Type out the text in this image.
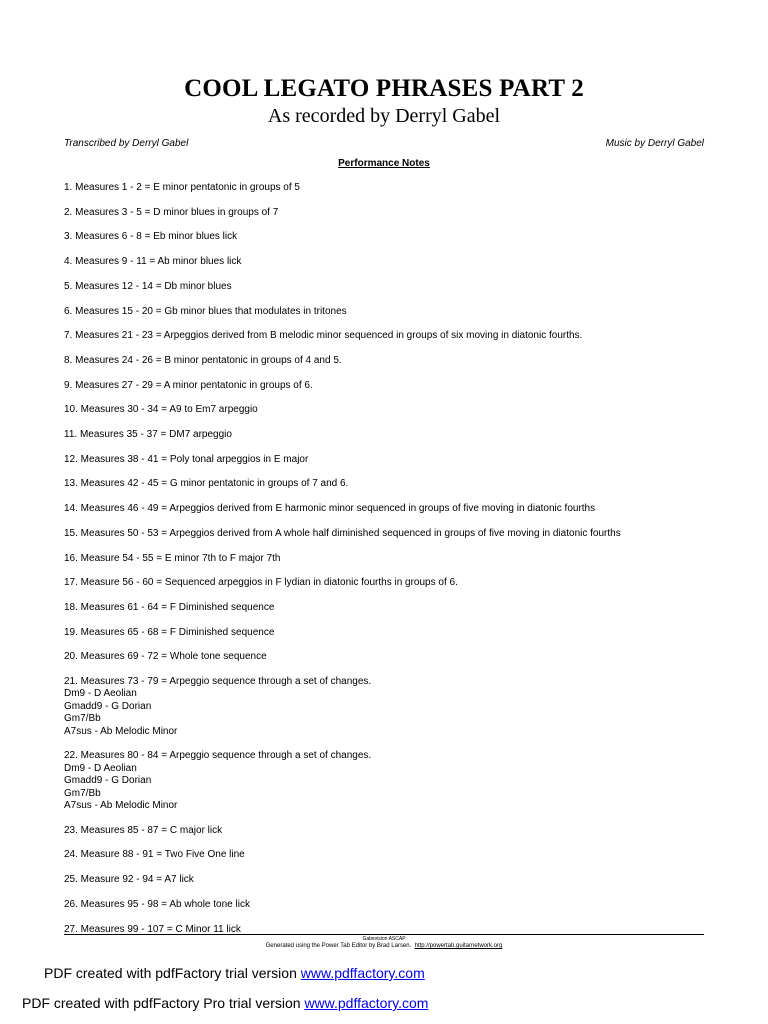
COOL LEGATO PHRASES PART 2
As recorded by Derryl Gabel
Transcribed by Derryl Gabel	Music by Derryl Gabel
Performance Notes
1. Measures 1 - 2 = E minor pentatonic in groups of 5
2. Measures 3 - 5 = D minor blues in groups of 7
3. Measures 6 - 8 = Eb minor blues lick
4. Measures 9 - 11 = Ab minor blues lick
5. Measures 12 - 14 = Db minor blues
6. Measures 15 - 20 = Gb minor blues that modulates in tritones
7. Measures 21 - 23 = Arpeggios derived from B melodic minor sequenced in groups of six moving in diatonic fourths.
8. Measures 24 - 26 = B minor pentatonic in groups of 4 and 5.
9. Measures 27 - 29 = A minor pentatonic in groups of 6.
10. Measures 30 - 34 = A9 to Em7 arpeggio
11. Measures 35 - 37 = DM7 arpeggio
12. Measures 38 - 41 = Poly tonal arpeggios in E major
13. Measures 42 - 45 = G minor pentatonic in groups of 7 and 6.
14. Measures 46 - 49 = Arpeggios derived from E harmonic minor sequenced in groups of five moving in diatonic fourths
15. Measures 50 - 53 = Arpeggios derived from A whole half diminished sequenced in groups of five moving in diatonic fourths
16. Measure 54 - 55 = E minor 7th to F major 7th
17. Measure 56 - 60 = Sequenced arpeggios in F lydian in diatonic fourths in groups of 6.
18. Measures 61 - 64 = F Diminished sequence
19. Measures 65 - 68 = F Diminished sequence
20. Measures 69 - 72 = Whole tone sequence
21. Measures 73 - 79 = Arpeggio sequence through a set of changes.
Dm9 - D Aeolian
Gmadd9 - G Dorian
Gm7/Bb
A7sus - Ab Melodic Minor
22. Measures 80 - 84 = Arpeggio sequence through a set of changes.
Dm9 - D Aeolian
Gmadd9 - G Dorian
Gm7/Bb
A7sus - Ab Melodic Minor
23. Measures 85 - 87 = C major lick
24. Measure 88 - 91 = Two Five One line
25. Measure 92 - 94 = A7 lick
26. Measures 95 - 98 = Ab whole tone lick
27. Measures 99 - 107 = C Minor 11 lick
Gabevision ASCAP
Generated using the Power Tab Editor by Brad Larsen. http://powertab.guitarnetwork.org
PDF created with pdfFactory trial version www.pdffactory.com
PDF created with pdfFactory Pro trial version www.pdffactory.com
